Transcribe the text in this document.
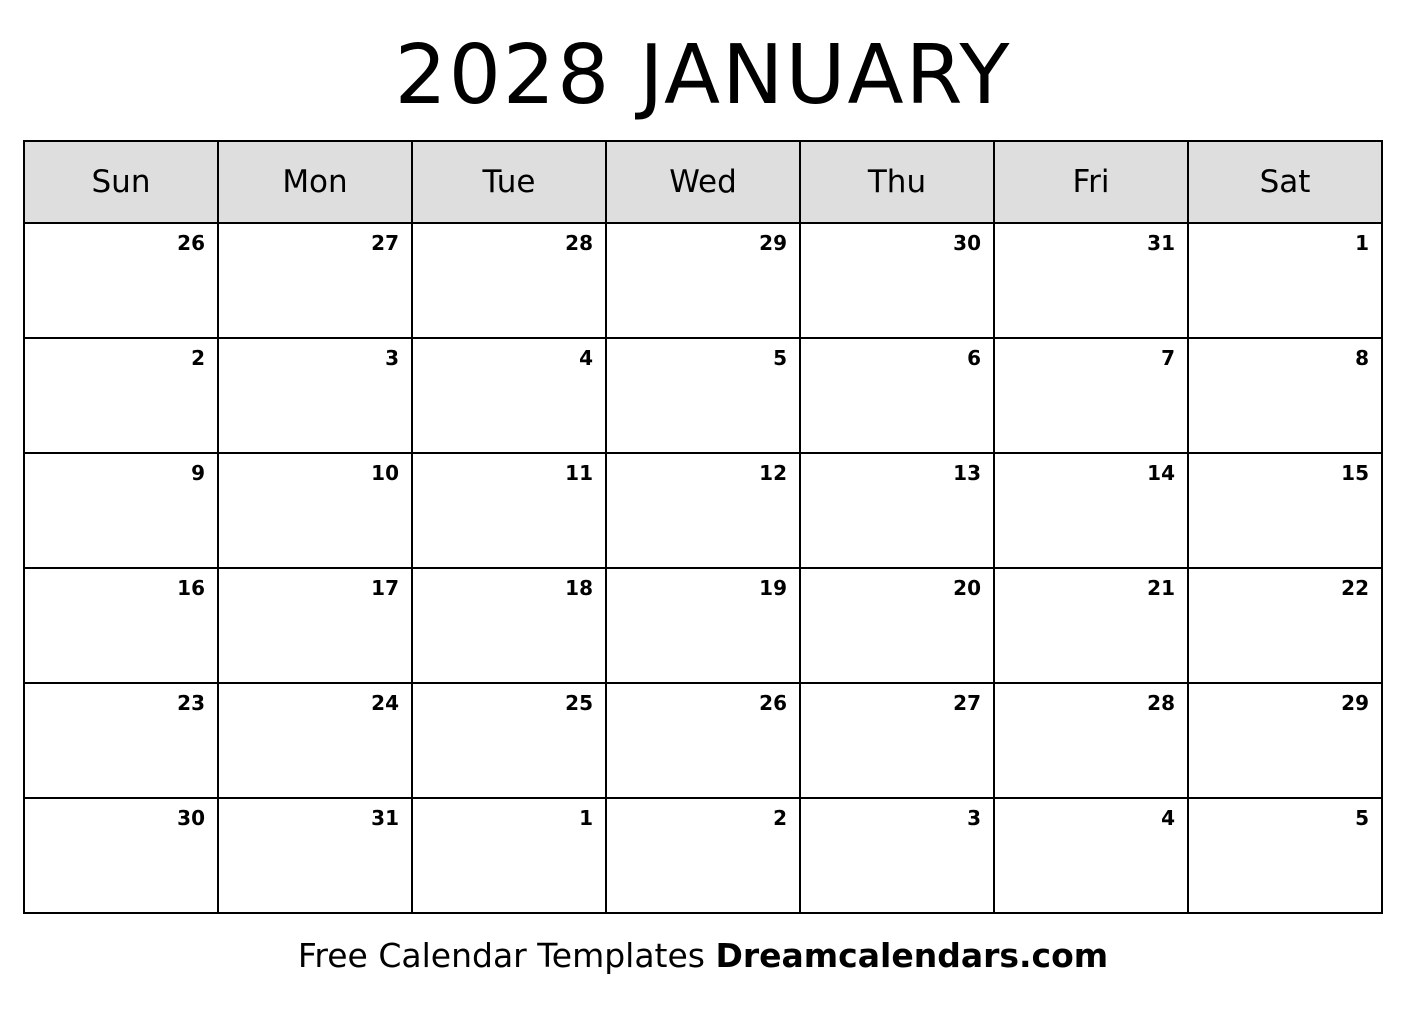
2028 JANUARY
Sun	Mon	Tue	Wed	Thu	Fri	Sat

26	27	28	29	30	31	1

2	3	4	5	6	7	8

9	10	11	12	13	14	15

16	17	18	19	20	21	22

23	24	25	26	27	28	29

30	31	1	2	3	4	5
Free Calendar Templates Dreamcalendars.com
